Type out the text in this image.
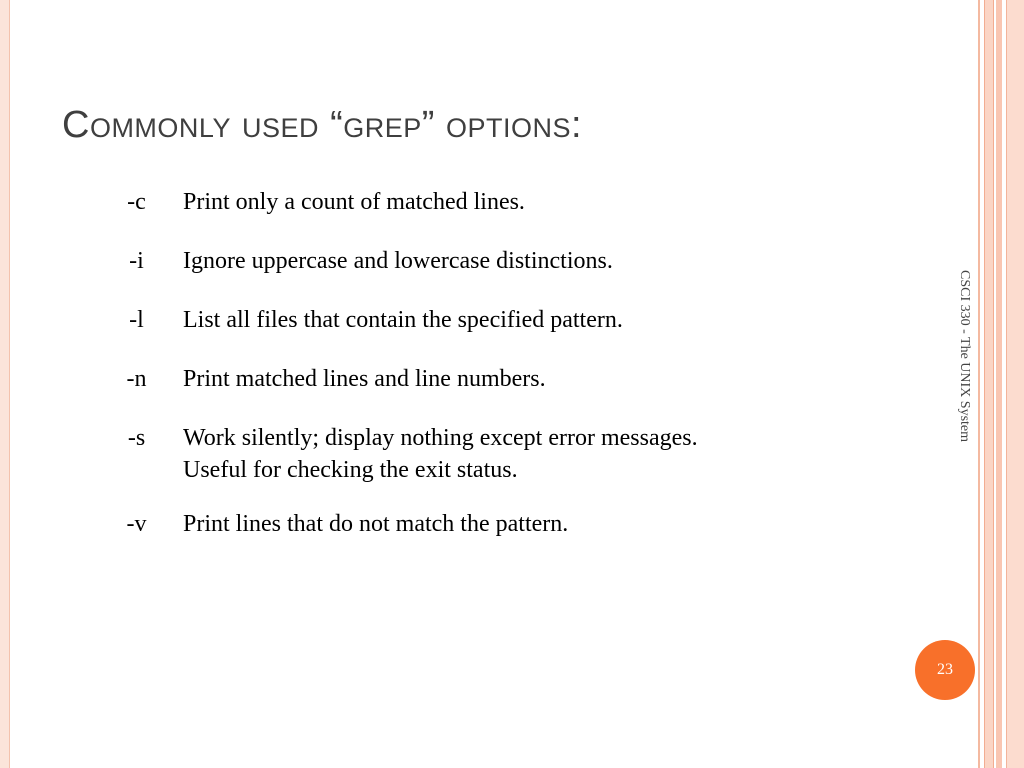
Commonly used “grep” options:
-c	Print only a count of matched lines.
-i	Ignore uppercase and lowercase distinctions.
-l	List all files that contain the specified pattern.
-n	Print matched lines and line numbers.
-s	Work silently; display nothing except error messages.
Useful for checking the exit status.
-v	Print lines that do not match the pattern.
CSCI 330 - The UNIX System
23
